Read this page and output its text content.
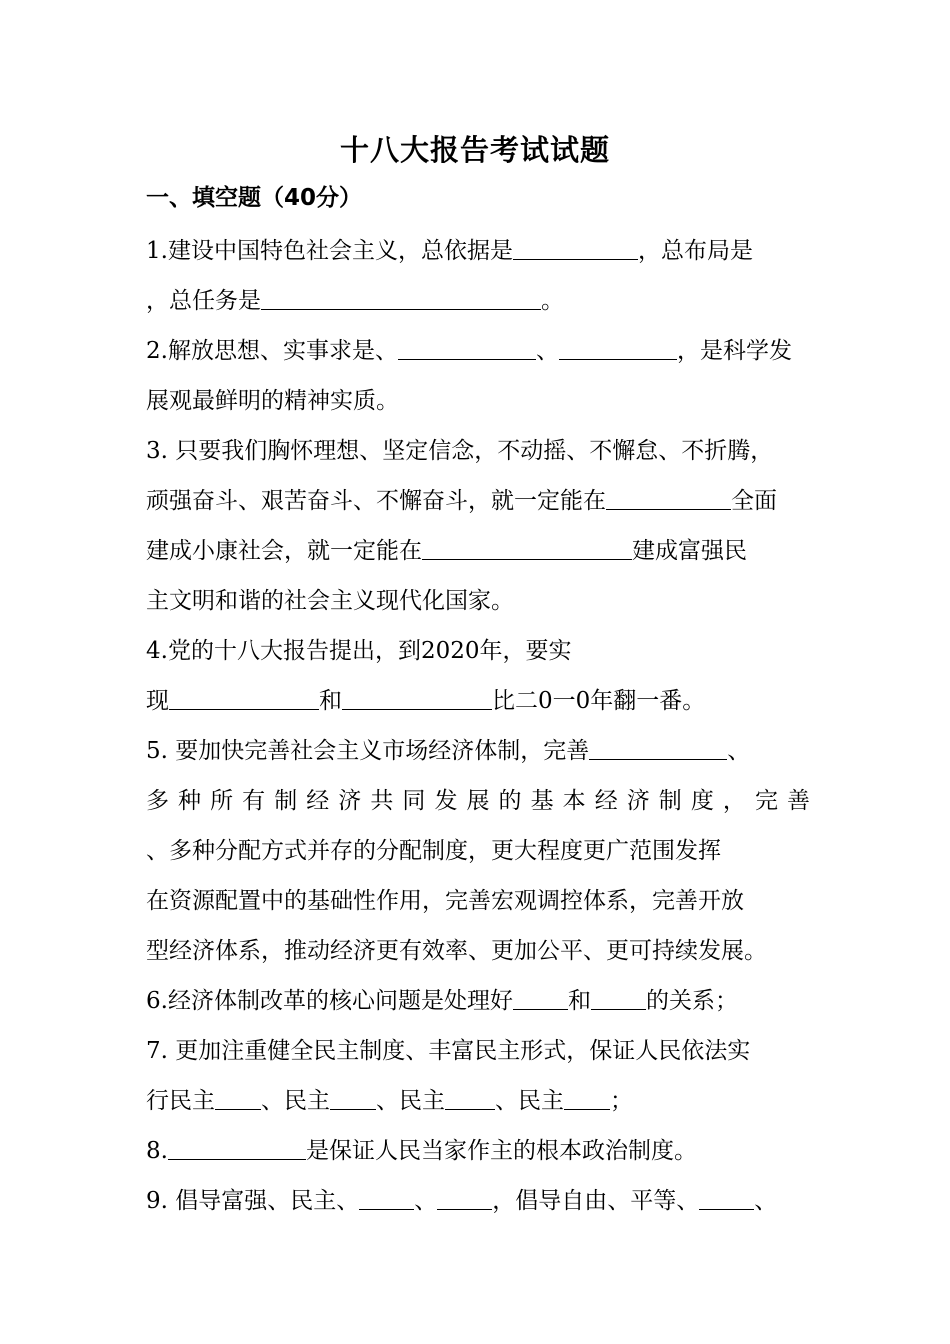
十八大报告考试试题
一、填空题（40分）
1.建设中国特色社会主义，总依据是	，总布局是
，总任务是	。
2.解放思想、实事求是、	、	，是科学发
展观最鲜明的精神实质。
3. 只要我们胸怀理想、坚定信念，不动摇、不懈怠、不折腾，
顽强奋斗、艰苦奋斗、不懈奋斗，就一定能在	全面
建成小康社会，就一定能在	建成富强民
主文明和谐的社会主义现代化国家。
4.党的十八大报告提出，到2020年，要实
现	和	比二0一0年翻一番。
5. 要加快完善社会主义市场经济体制，完善	、
多种所有制经济共同发展的基本经济制度，完善
、多种分配方式并存的分配制度，更大程度更广范围发挥
在资源配置中的基础性作用，完善宏观调控体系，完善开放
型经济体系，推动经济更有效率、更加公平、更可持续发展。
6.经济体制改革的核心问题是处理好 和 的关系；
7. 更加注重健全民主制度、丰富民主形式，保证人民依法实
行民主 、民主 、民主 、民主 ；
8.	是保证人民当家作主的根本政治制度。
9. 倡导富强、民主、 、 ，倡导自由、平等、 、
